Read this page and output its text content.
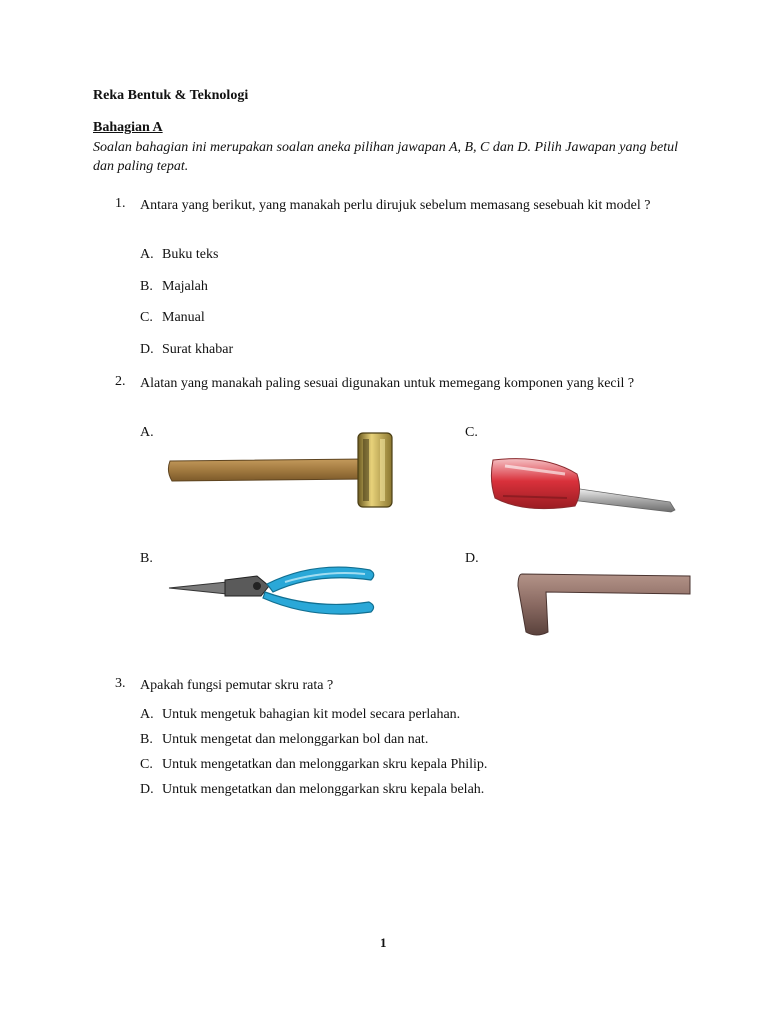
Reka Bentuk & Teknologi
Bahagian A
Soalan bahagian ini merupakan soalan aneka pilihan jawapan A, B, C dan D. Pilih Jawapan yang betul dan paling tepat.
1. Antara yang berikut, yang manakah perlu dirujuk sebelum memasang sesebuah kit model ?
A. Buku teks
B. Majalah
C. Manual
D. Surat khabar
2. Alatan yang manakah paling sesuai digunakan untuk memegang komponen yang kecil ?
A.	C.
B.	D.
3. Apakah fungsi pemutar skru rata ?
A. Untuk mengetuk bahagian kit model secara perlahan.
B. Untuk mengetat dan melonggarkan bol dan nat.
C. Untuk mengetatkan dan melonggarkan skru kepala Philip.
D. Untuk mengetatkan dan melonggarkan skru kepala belah.
1
